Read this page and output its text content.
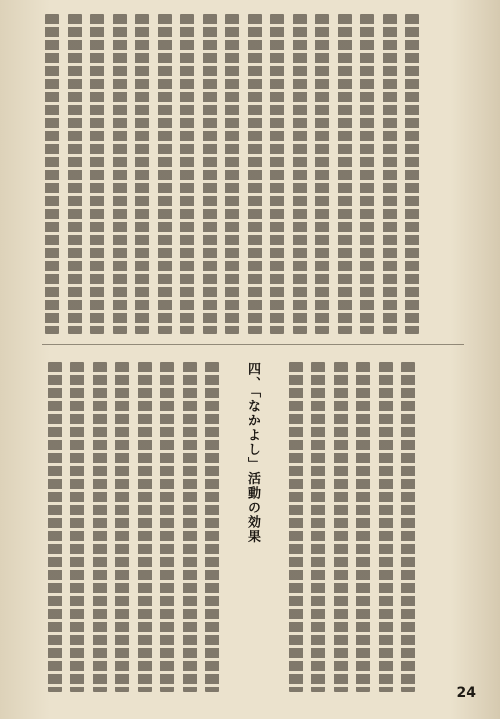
四、「なかよし」活動の効果

24
